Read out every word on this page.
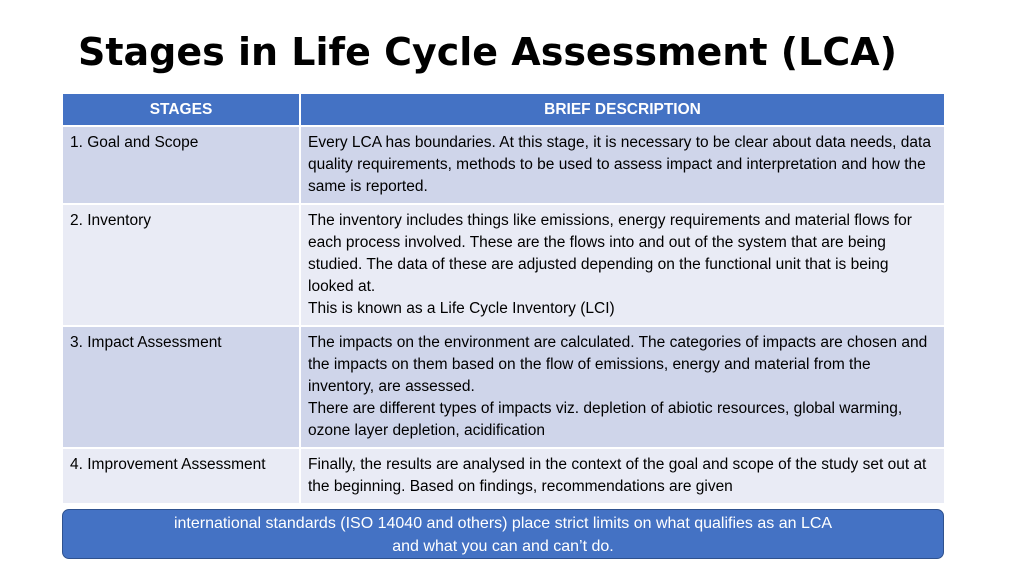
Stages in Life Cycle Assessment (LCA)
STAGES	BRIEF DESCRIPTION
1. Goal and Scope	Every LCA has boundaries. At this stage, it is necessary to be clear about data needs, data quality requirements, methods to be used to assess impact and interpretation and how the same is reported.

2. Inventory	The inventory includes things like emissions, energy requirements and material flows for each process involved. These are the flows into and out of the system that are being studied. The data of these are adjusted depending on the functional unit that is being looked at.
This is known as a Life Cycle Inventory (LCI)

3. Impact Assessment	The impacts on the environment are calculated. The categories of impacts are chosen and the impacts on them based on the flow of emissions, energy and material from the inventory, are assessed.
There are different types of impacts viz. depletion of abiotic resources, global warming, ozone layer depletion, acidification

4. Improvement Assessment	Finally, the results are analysed in the context of the goal and scope of the study set out at the beginning. Based on findings, recommendations are given
international standards (ISO 14040 and others) place strict limits on what qualifies as an LCA
and what you can and can’t do.
